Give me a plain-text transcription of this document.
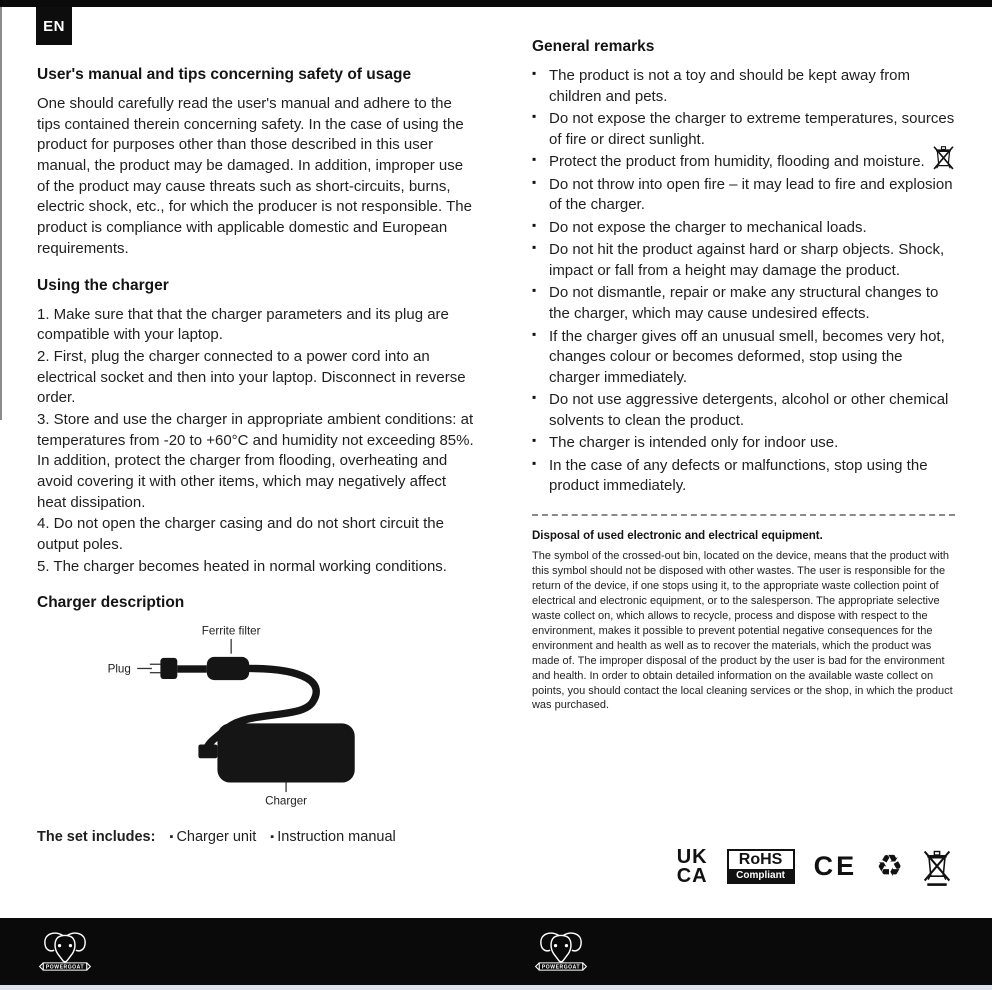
EN
User's manual and tips concerning safety of usage

One should carefully read the user's manual and adhere to the tips contained therein concerning safety. In the case of using the product for purposes other than those described in this user manual, the product may be damaged. In addition, improper use of the product may cause threats such as short-circuits, burns, electric shock, etc., for which the producer is not responsible. The product is compliance with applicable domestic and European requirements.

Using the charger

1. Make sure that that the charger parameters and its plug are compatible with your laptop.

2. First, plug the charger connected to a power cord into an electrical socket and then into your laptop. Disconnect in reverse order.

3. Store and use the charger in appropriate ambient conditions: at temperatures from -20 to +60°C and humidity not exceeding 85%. In addition, protect the charger from flooding, overheating and avoid covering it with other items, which may negatively affect heat dissipation.

4. Do not open the charger casing and do not short circuit the output poles.

5. The charger becomes heated in normal working conditions.

Charger description
Ferrite filter
Plug
Charger
The set includes: ▪ Charger unit ▪ Instruction manual
General remarks
▪ The product is not a toy and should be kept away from children and pets.
▪ Do not expose the charger to extreme temperatures, sources of fire or direct sunlight.
▪ Protect the product from humidity, flooding and moisture.
▪ Do not throw into open fire – it may lead to fire and explosion of the charger.
▪ Do not expose the charger to mechanical loads.
▪ Do not hit the product against hard or sharp objects. Shock, impact or fall from a height may damage the product.
▪ Do not dismantle, repair or make any structural changes to the charger, which may cause undesired effects.
▪ If the charger gives off an unusual smell, becomes very hot, changes colour or becomes deformed, stop using the charger immediately.
▪ Do not use aggressive detergents, alcohol or other chemical solvents to clean the product.
▪ The charger is intended only for indoor use.
▪ In the case of any defects or malfunctions, stop using the product immediately.

Disposal of used electronic and electrical equipment.

The symbol of the crossed-out bin, located on the device, means that the product with this symbol should not be disposed with other wastes. The user is responsible for the return of the device, if one stops using it, to the appropriate waste collection point of electrical and electronic equipment, or to the salesperson. The appropriate selective waste collect on, which allows to recycle, process and dispose with respect to the environment, makes it possible to prevent potential negative consequences for the environment and health as well as to recover the materials, which the product was made of. The improper disposal of the product by the user is bad for the environment and health. In order to obtain detailed information on the available waste collect on points, you should contact the local cleaning services or the shop, in which the product was purchased.

UK
CA
RoHS
Compliant CE ♻
POWERGOAT	POWERGOAT
